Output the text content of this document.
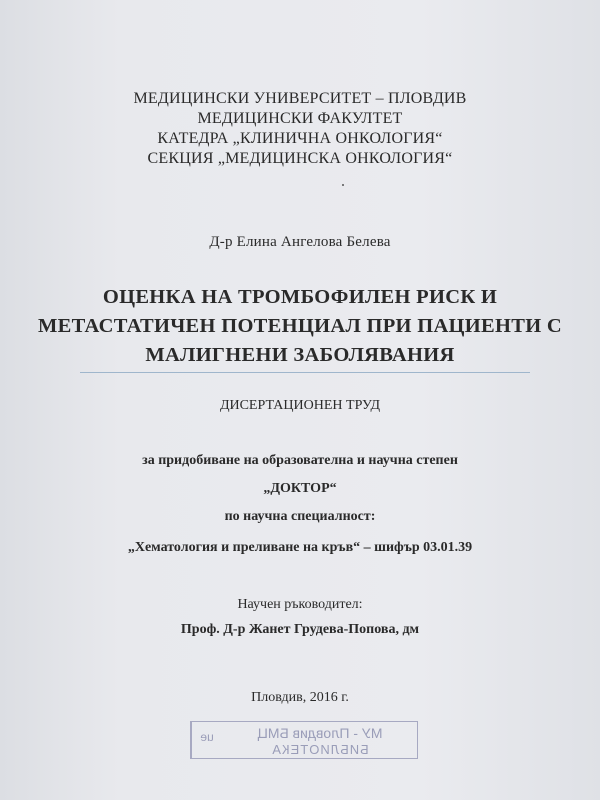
МЕДИЦИНСКИ УНИВЕРСИТЕТ – ПЛОВДИВ
МЕДИЦИНСКИ ФАКУЛТЕТ
КАТЕДРА „КЛИНИЧНА ОНКОЛОГИЯ“
СЕКЦИЯ „МЕДИЦИНСКА ОНКОЛОГИЯ“
Д-р Елина Ангелова Белева
ОЦЕНКА НА ТРОМБОФИЛЕН РИСК И
МЕТАСТАТИЧЕН ПОТЕНЦИАЛ ПРИ ПАЦИЕНТИ С
МАЛИГНЕНИ ЗАБОЛЯВАНИЯ
ДИСЕРТАЦИОНЕН ТРУД
за придобиване на образователна и научна степен
„ДОКТОР“
по научна специалност:
„Хематология и преливане на кръв“ – шифър 03.01.39
Научен ръководител:
Проф. Д-р Жанет Грудева-Попова, дм
Пловдив, 2016 г.
ue	МУ - Пловдив БМЦ
БИБЛИОТЕКА
